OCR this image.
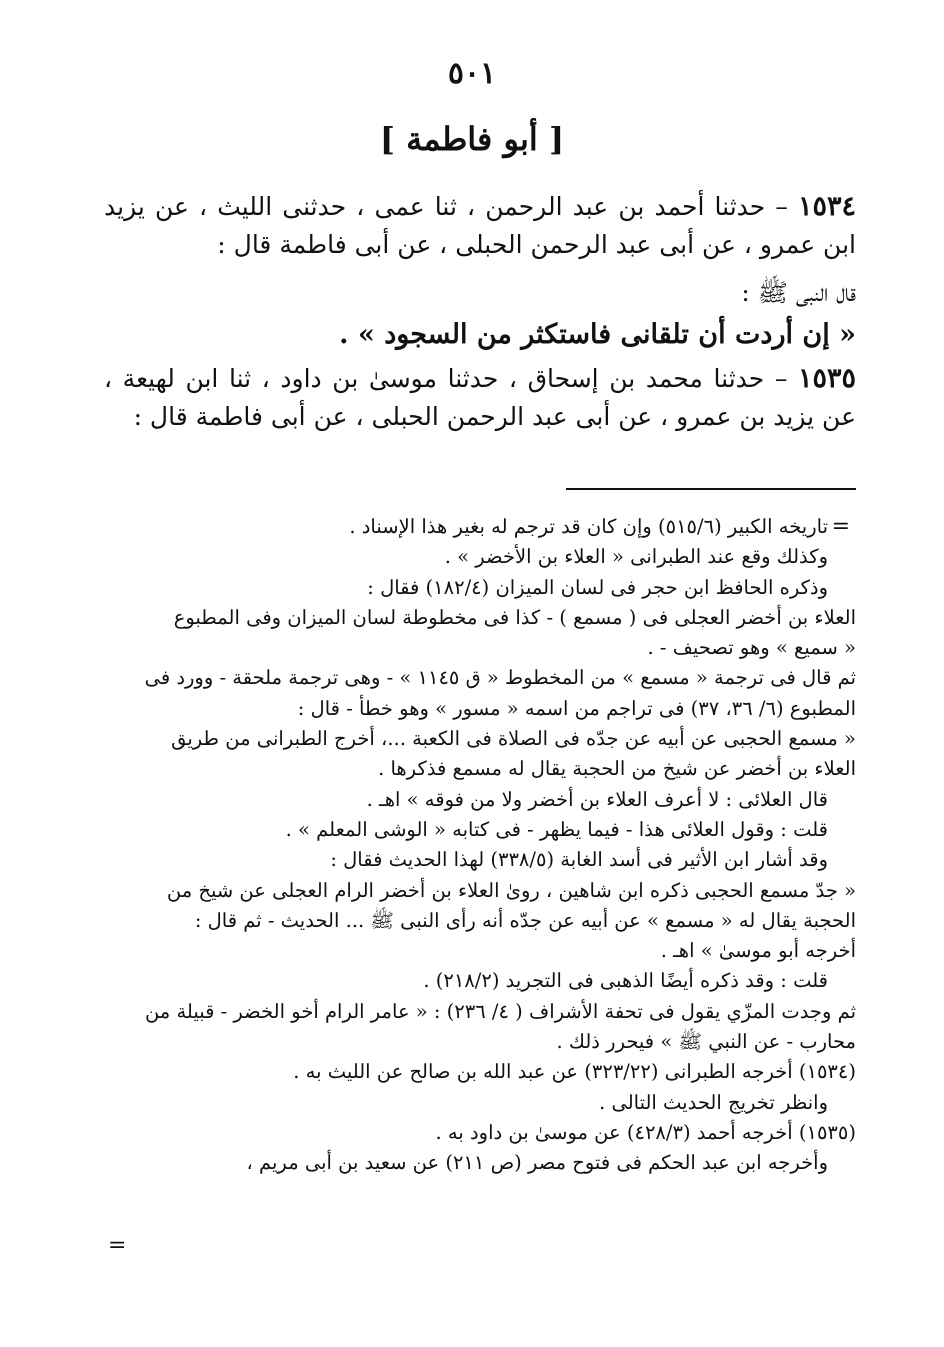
٥٠١
[ أبو فاطمة ]

١٥٣٤ – حدثنا أحمد بن عبد الرحمن ، ثنا عمى ، حدثنى الليث ، عن يزيد ابن عمرو ، عن أبى عبد الرحمن الحبلى ، عن أبى فاطمة قال :

قال النبى ﷺ :

« إن أردت أن تلقانى فاستكثر من السجود » .

١٥٣٥ – حدثنا محمد بن إسحاق ، حدثنا موسىٰ بن داود ، ثنا ابن لهيعة ، عن يزيد بن عمرو ، عن أبى عبد الرحمن الحبلى ، عن أبى فاطمة قال :

=
تاريخه الكبير (٥١٥/٦) وإن كان قد ترجم له بغير هذا الإسناد .
وكذلك وقع عند الطبرانى « العلاء بن الأخضر » .
وذكره الحافظ ابن حجر فى لسان الميزان (١٨٢/٤) فقال :
العلاء بن أخضر العجلى فى ( مسمع ) - كذا فى مخطوطة لسان الميزان وفى المطبوع
« سميع » وهو تصحيف - .
ثم قال فى ترجمة « مسمع » من المخطوط « ق ١١٤٥ » - وهى ترجمة ملحقة - وورد فى
المطبوع (٦/ ٣٦، ٣٧) فى تراجم من اسمه « مسور » وهو خطأ - قال :
« مسمع الحجبى عن أبيه عن جدّه فى الصلاة فى الكعبة ...، أخرج الطبرانى من طريق
العلاء بن أخضر عن شيخ من الحجبة يقال له مسمع فذكرها .
قال العلائى : لا أعرف العلاء بن أخضر ولا من فوقه » اهـ .
قلت : وقول العلائى هذا - فيما يظهر - فى كتابه « الوشى المعلم » .
وقد أشار ابن الأثير فى أسد الغابة (٣٣٨/٥) لهذا الحديث فقال :
« جدّ مسمع الحجبى ذكره ابن شاهين ، روىٰ العلاء بن أخضر الرام العجلى عن شيخ من
الحجبة يقال له « مسمع » عن أبيه عن جدّه أنه رأى النبى ﷺ ... الحديث - ثم قال :
أخرجه أبو موسىٰ » اهـ .
قلت : وقد ذكره أيضًا الذهبى فى التجريد (٢١٨/٢) .
ثم وجدت المزّي يقول فى تحفة الأشراف ( ٤/ ٢٣٦) : « عامر الرام أخو الخضر - قبيلة من
محارب - عن النبي ﷺ » فيحرر ذلك .
(١٥٣٤) أخرجه الطبرانى (٣٢٣/٢٢) عن عبد الله بن صالح عن الليث به .
وانظر تخريج الحديث التالى .
(١٥٣٥) أخرجه أحمد (٤٢٨/٣) عن موسىٰ بن داود به .
وأخرجه ابن عبد الحكم فى فتوح مصر (ص ٢١١) عن سعيد بن أبى مريم ،
=
